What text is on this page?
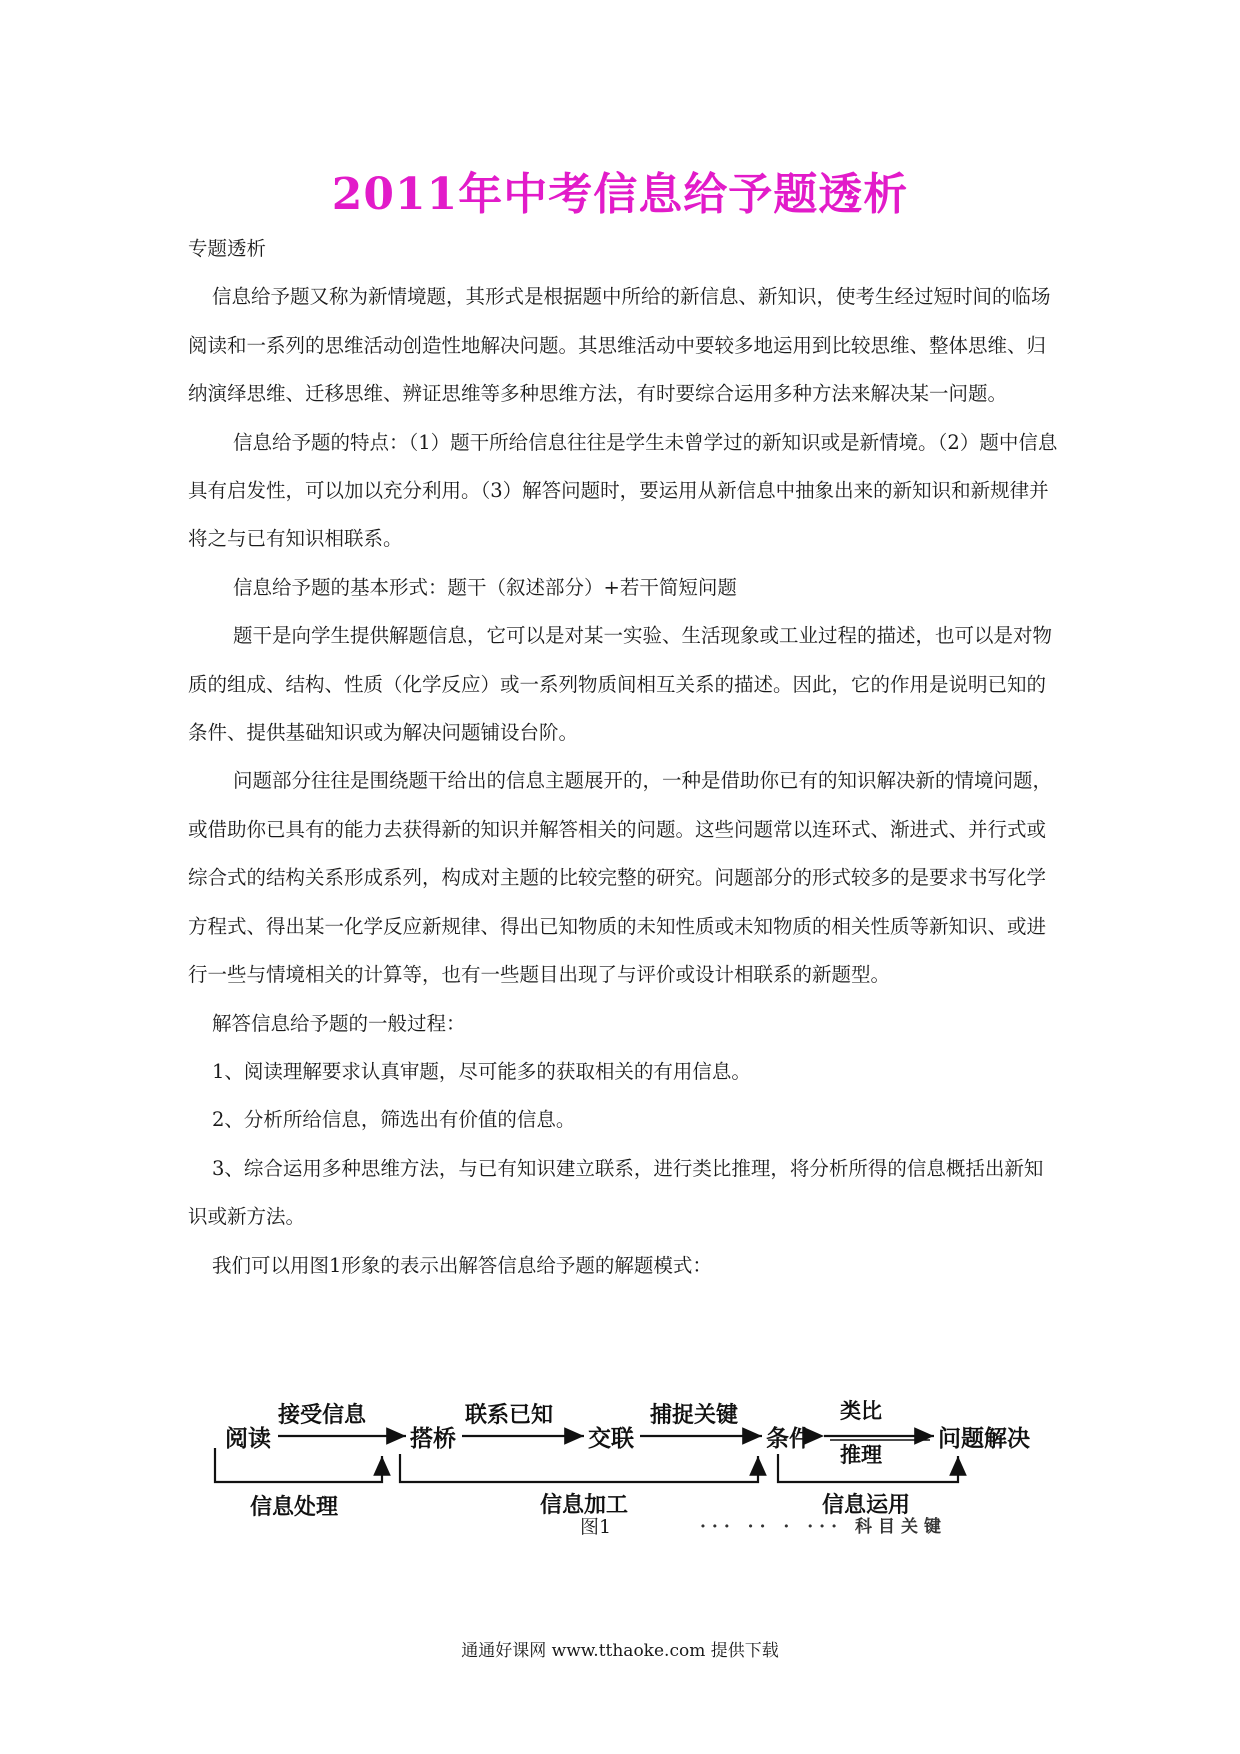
2011年中考信息给予题透析

专题透析

信息给予题又称为新情境题，其形式是根据题中所给的新信息、新知识，使考生经过短时间的临场阅读和一系列的思维活动创造性地解决问题。其思维活动中要较多地运用到比较思维、整体思维、归纳演绎思维、迁移思维、辨证思维等多种思维方法，有时要综合运用多种方法来解决某一问题。

信息给予题的特点：（1）题干所给信息往往是学生未曾学过的新知识或是新情境。（2）题中信息具有启发性，可以加以充分利用。（3）解答问题时，要运用从新信息中抽象出来的新知识和新规律并将之与已有知识相联系。

信息给予题的基本形式：题干（叙述部分）+若干简短问题

题干是向学生提供解题信息，它可以是对某一实验、生活现象或工业过程的描述，也可以是对物质的组成、结构、性质（化学反应）或一系列物质间相互关系的描述。因此，它的作用是说明已知的条件、提供基础知识或为解决问题铺设台阶。

问题部分往往是围绕题干给出的信息主题展开的，一种是借助你已有的知识解决新的情境问题，或借助你已具有的能力去获得新的知识并解答相关的问题。这些问题常以连环式、渐进式、并行式或综合式的结构关系形成系列，构成对主题的比较完整的研究。问题部分的形式较多的是要求书写化学方程式、得出某一化学反应新规律、得出已知物质的未知性质或未知物质的相关性质等新知识、或进行一些与情境相关的计算等，也有一些题目出现了与评价或设计相联系的新题型。

解答信息给予题的一般过程：

1、阅读理解要求认真审题，尽可能多的获取相关的有用信息。

2、分析所给信息，筛选出有价值的信息。

3、综合运用多种思维方法，与已有知识建立联系，进行类比推理，将分析所得的信息概括出新知识或新方法。

我们可以用图1形象的表示出解答信息给予题的解题模式：

阅读	搭桥	交联	条件	问题解决
接受信息	联系已知	捕捉关键	类比
推理
信息处理	信息加工	信息运用
图1	··· ·· · ··· 科目关键
通通好课网 www.tthaoke.com 提供下载
